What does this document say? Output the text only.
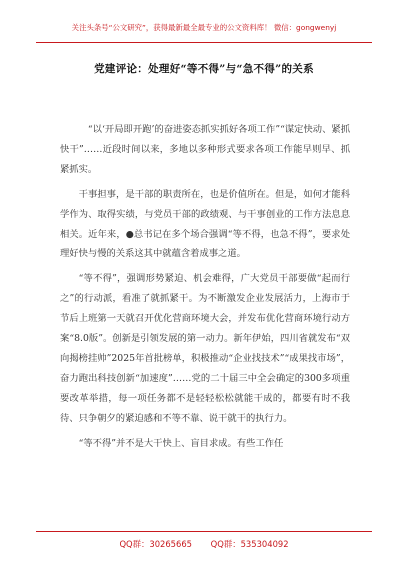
关注头条号“公文研究”，获得最新最全最专业的公文资料库！ 微信：gongwenyj
党建评论：处理好“等不得”与“急不得”的关系

“以‘开局即开跑’的奋进姿态抓实抓好各项工作”“谋定快动、紧抓快干”……近段时间以来，多地以多种形式要求各项工作能早则早、抓紧抓实。

干事担事，是干部的职责所在，也是价值所在。但是，如何才能科学作为、取得实绩，与党员干部的政绩观、与干事创业的工作方法息息相关。近年来，●总书记在多个场合强调“等不得，也急不得”，要求处理好快与慢的关系这其中就蕴含着成事之道。

“等不得”，强调形势紧迫、机会难得，广大党员干部要做“起而行之”的行动派，看准了就抓紧干。为不断激发企业发展活力，上海市于节后上班第一天就召开优化营商环境大会，并发布优化营商环境行动方案“8.0版”。创新是引领发展的第一动力。新年伊始，四川省就发布“双向揭榜挂帅”2025年首批榜单，积极推动“企业找技术”“成果找市场”，奋力跑出科技创新“加速度”……党的二十届三中全会确定的300多项重要改革举措，每一项任务都不是轻轻松松就能干成的，都要有时不我待、只争朝夕的紧迫感和不等不靠、说干就干的执行力。

“等不得”并不是大干快上、盲目求成。有些工作任

QQ群：30265665 QQ群：535304092
